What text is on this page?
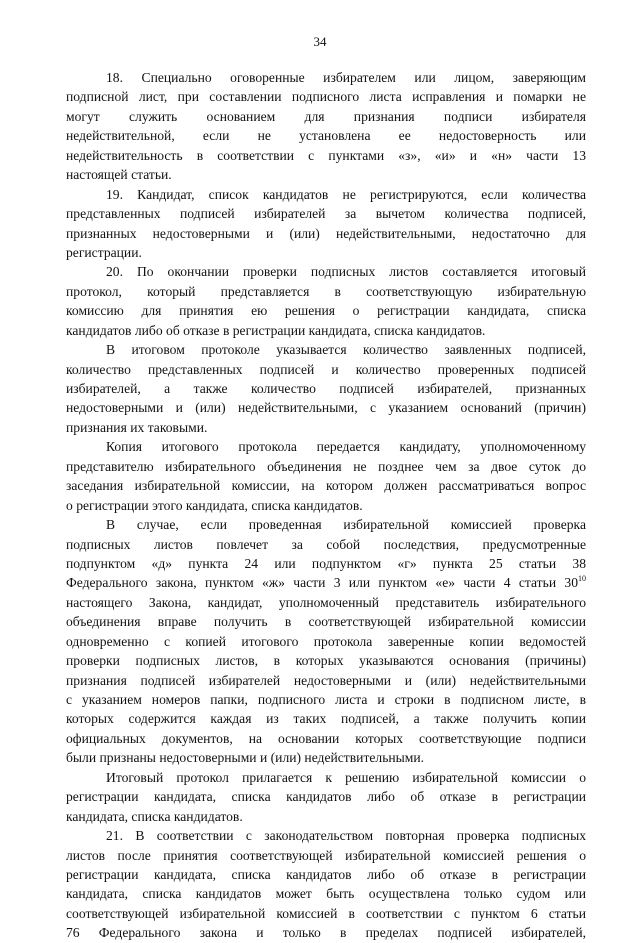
34
18. Специально оговоренные избирателем или лицом, заверяющим
подписной лист, при составлении подписного листа исправления и помарки не
могут служить основанием для признания подписи избирателя
недействительной, если не установлена ее недостоверность или
недействительность в соответствии с пунктами «з», «и» и «н» части 13
настоящей статьи.
19. Кандидат, список кандидатов не регистрируются, если количества
представленных подписей избирателей за вычетом количества подписей,
признанных недостоверными и (или) недействительными, недостаточно для
регистрации.
20. По окончании проверки подписных листов составляется итоговый
протокол, который представляется в соответствующую избирательную
комиссию для принятия ею решения о регистрации кандидата, списка
кандидатов либо об отказе в регистрации кандидата, списка кандидатов.
В итоговом протоколе указывается количество заявленных подписей,
количество представленных подписей и количество проверенных подписей
избирателей, а также количество подписей избирателей, признанных
недостоверными и (или) недействительными, с указанием оснований (причин)
признания их таковыми.
Копия итогового протокола передается кандидату, уполномоченному
представителю избирательного объединения не позднее чем за двое суток до
заседания избирательной комиссии, на котором должен рассматриваться вопрос
о регистрации этого кандидата, списка кандидатов.
В случае, если проведенная избирательной комиссией проверка
подписных листов повлечет за собой последствия, предусмотренные
подпунктом «д» пункта 24 или подпунктом «г» пункта 25 статьи 38
Федерального закона, пунктом «ж» части 3 или пунктом «е» части 4 статьи $30^{10}$
настоящего Закона, кандидат, уполномоченный представитель избирательного
объединения вправе получить в соответствующей избирательной комиссии
одновременно с копией итогового протокола заверенные копии ведомостей
проверки подписных листов, в которых указываются основания (причины)
признания подписей избирателей недостоверными и (или) недействительными
с указанием номеров папки, подписного листа и строки в подписном листе, в
которых содержится каждая из таких подписей, а также получить копии
официальных документов, на основании которых соответствующие подписи
были признаны недостоверными и (или) недействительными.
Итоговый протокол прилагается к решению избирательной комиссии о
регистрации кандидата, списка кандидатов либо об отказе в регистрации
кандидата, списка кандидатов.
21. В соответствии с законодательством повторная проверка подписных
листов после принятия соответствующей избирательной комиссией решения о
регистрации кандидата, списка кандидатов либо об отказе в регистрации
кандидата, списка кандидатов может быть осуществлена только судом или
соответствующей избирательной комиссией в соответствии с пунктом 6 статьи
76 Федерального закона и только в пределах подписей избирателей,
